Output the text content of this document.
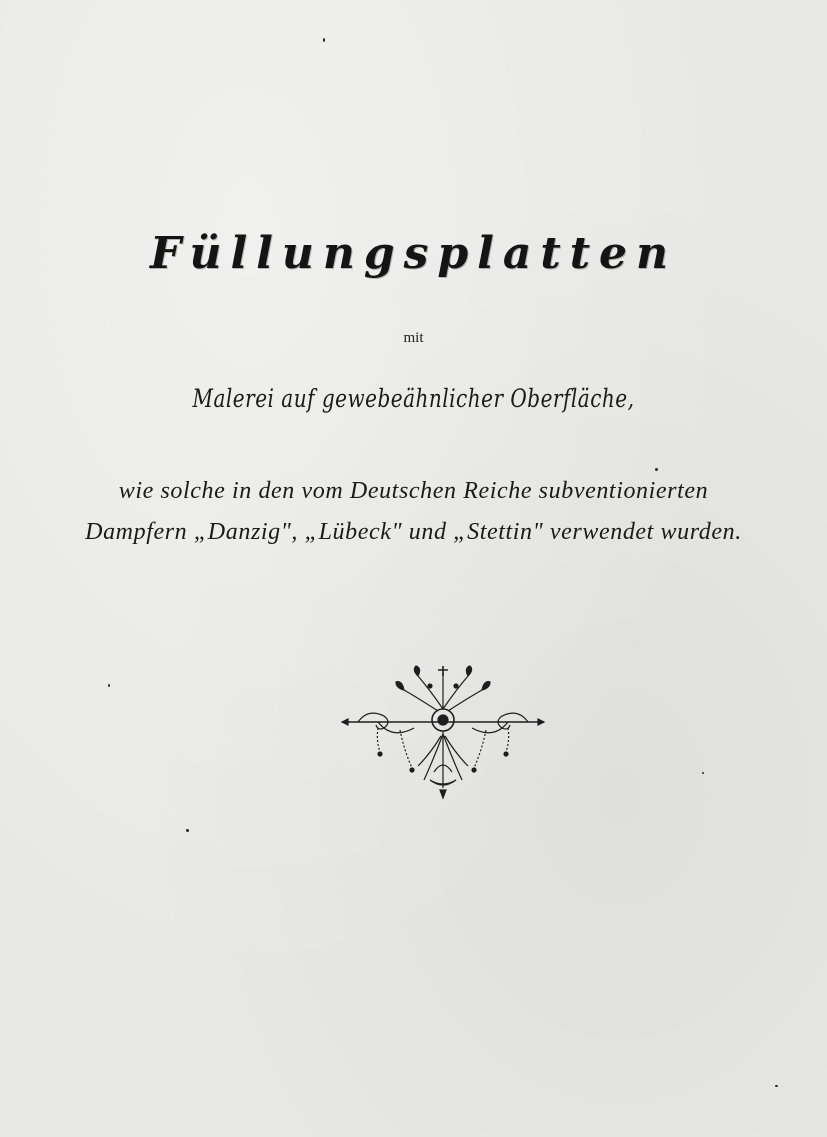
Füllungsplatten
mit
Malerei auf gewebeähnlicher Oberfläche,
wie solche in den vom Deutschen Reiche subventionierten
Dampfern „Danzig", „Lübeck" und „Stettin" verwendet wurden.
